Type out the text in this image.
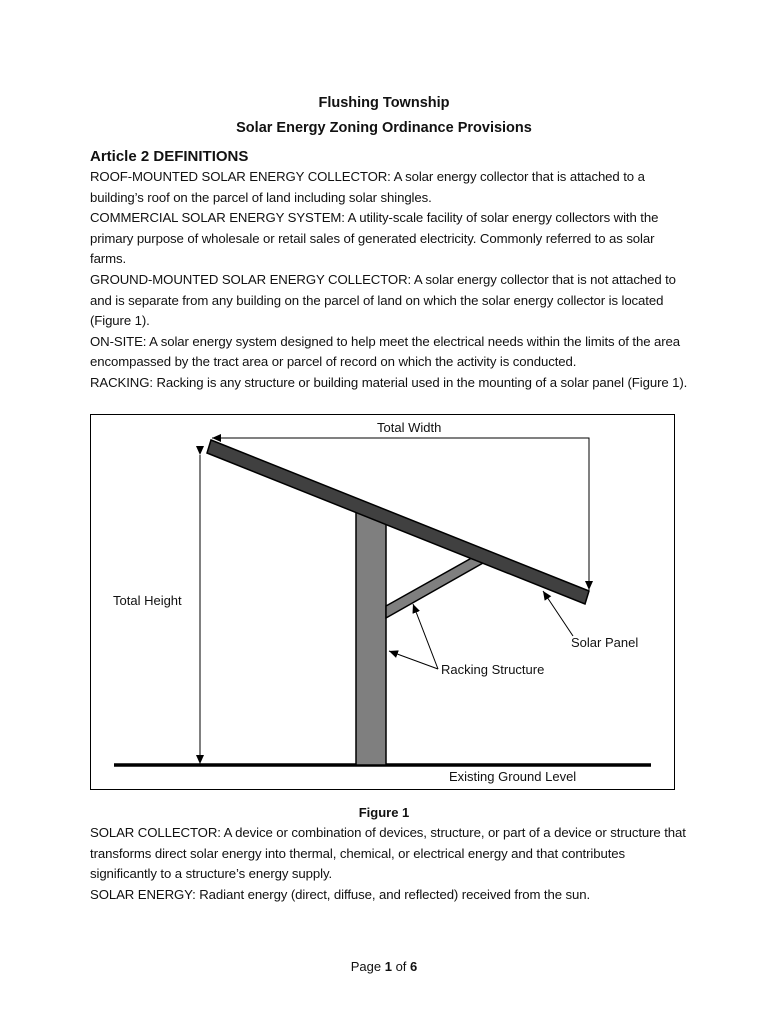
Flushing Township
Solar Energy Zoning Ordinance Provisions
Article 2 DEFINITIONS

ROOF-MOUNTED SOLAR ENERGY COLLECTOR: A solar energy collector that is attached to a building’s roof on the parcel of land including solar shingles.

COMMERCIAL SOLAR ENERGY SYSTEM: A utility-scale facility of solar energy collectors with the primary purpose of wholesale or retail sales of generated electricity. Commonly referred to as solar farms.

GROUND-MOUNTED SOLAR ENERGY COLLECTOR: A solar energy collector that is not attached to and is separate from any building on the parcel of land on which the solar energy collector is located (Figure 1).

ON-SITE: A solar energy system designed to help meet the electrical needs within the limits of the area encompassed by the tract area or parcel of record on which the activity is conducted.

RACKING: Racking is any structure or building material used in the mounting of a solar panel (Figure 1).

Total Width
Total Height
Solar Panel
Racking Structure
Existing Ground Level
Figure 1

SOLAR COLLECTOR: A device or combination of devices, structure, or part of a device or structure that transforms direct solar energy into thermal, chemical, or electrical energy and that contributes significantly to a structure’s energy supply.

SOLAR ENERGY: Radiant energy (direct, diffuse, and reflected) received from the sun.

Page 1 of 6
